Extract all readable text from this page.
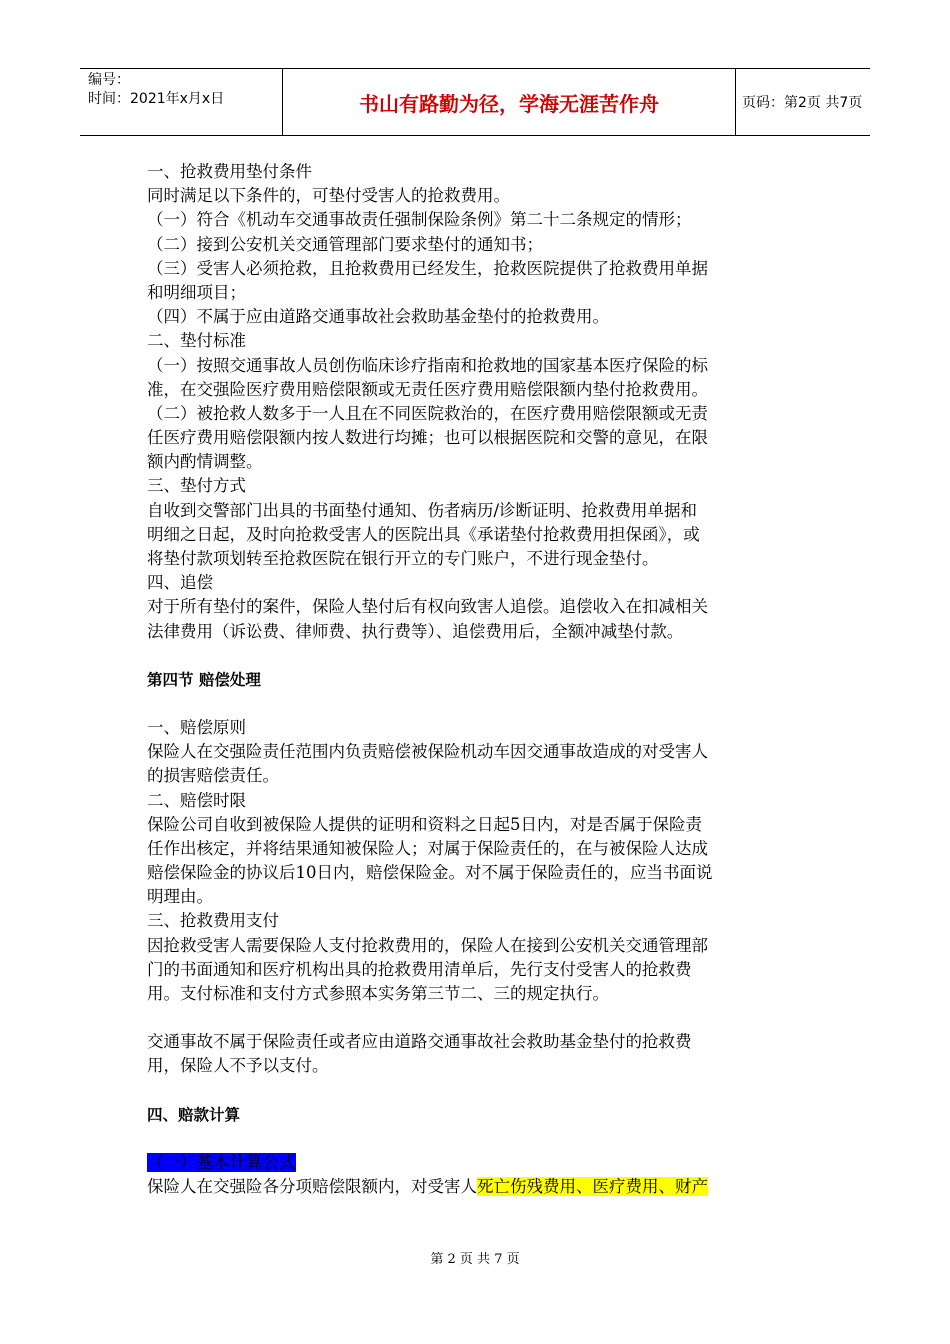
编号：
时间：2021年x月x日	书山有路勤为径，学海无涯苦作舟	页码：第2页 共7页
一、抢救费用垫付条件
同时满足以下条件的，可垫付受害人的抢救费用。
（一）符合《机动车交通事故责任强制保险条例》第二十二条规定的情形；
（二）接到公安机关交通管理部门要求垫付的通知书；
（三）受害人必须抢救，且抢救费用已经发生，抢救医院提供了抢救费用单据
和明细项目；
（四）不属于应由道路交通事故社会救助基金垫付的抢救费用。
二、垫付标准
（一）按照交通事故人员创伤临床诊疗指南和抢救地的国家基本医疗保险的标
准，在交强险医疗费用赔偿限额或无责任医疗费用赔偿限额内垫付抢救费用。
（二）被抢救人数多于一人且在不同医院救治的，在医疗费用赔偿限额或无责
任医疗费用赔偿限额内按人数进行均摊；也可以根据医院和交警的意见，在限
额内酌情调整。
三、垫付方式
自收到交警部门出具的书面垫付通知、伤者病历/诊断证明、抢救费用单据和
明细之日起，及时向抢救受害人的医院出具《承诺垫付抢救费用担保函》，或
将垫付款项划转至抢救医院在银行开立的专门账户，不进行现金垫付。
四、追偿
对于所有垫付的案件，保险人垫付后有权向致害人追偿。追偿收入在扣减相关
法律费用（诉讼费、律师费、执行费等）、追偿费用后，全额冲减垫付款。
第四节 赔偿处理
一、赔偿原则
保险人在交强险责任范围内负责赔偿被保险机动车因交通事故造成的对受害人
的损害赔偿责任。
二、赔偿时限
保险公司自收到被保险人提供的证明和资料之日起5日内，对是否属于保险责
任作出核定，并将结果通知被保险人；对属于保险责任的，在与被保险人达成
赔偿保险金的协议后10日内，赔偿保险金。对不属于保险责任的，应当书面说
明理由。
三、抢救费用支付
因抢救受害人需要保险人支付抢救费用的，保险人在接到公安机关交通管理部
门的书面通知和医疗机构出具的抢救费用清单后，先行支付受害人的抢救费
用。支付标准和支付方式参照本实务第三节二、三的规定执行。
交通事故不属于保险责任或者应由道路交通事故社会救助基金垫付的抢救费
用，保险人不予以支付。
四、赔款计算
（一）基本计算公式
保险人在交强险各分项赔偿限额内，对受害人死亡伤残费用、医疗费用、财产
第 2 页 共 7 页
